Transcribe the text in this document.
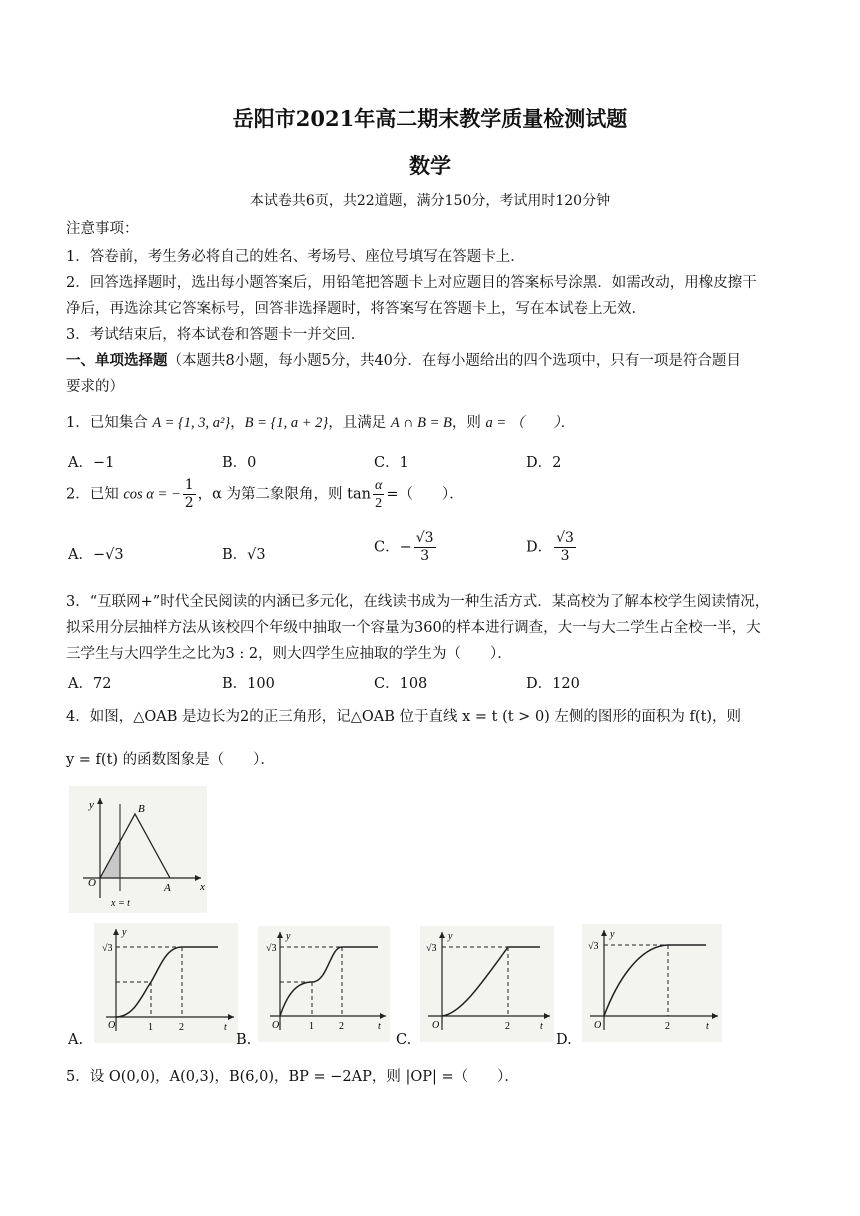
岳阳市2021年高二期末教学质量检测试题
数学
本试卷共6页，共22道题，满分150分，考试用时120分钟
注意事项：
1．答卷前，考生务必将自己的姓名、考场号、座位号填写在答题卡上．
2．回答选择题时，选出每小题答案后，用铅笔把答题卡上对应题目的答案标号涂黑．如需改动，用橡皮擦干
净后，再选涂其它答案标号，回答非选择题时，将答案写在答题卡上，写在本试卷上无效．
3．考试结束后，将本试卷和答题卡一并交回．
一、单项选择题（本题共8小题，每小题5分，共40分．在每小题给出的四个选项中，只有一项是符合题目
要求的）
1．已知集合 A = {1, 3, a²}，B = {1, a + 2}，且满足 A ∩ B = B，则 a = （　　）．
A．−1	B．0	C．1	D．2
2．已知 cos α = − $\frac{1}{2}$ ，α 为第二象限角，则 $\tan \frac{\alpha}{2}$ =（　　）．
A．−√3	B．√3	C．− $\frac{√3}{3}$	D． $\frac{√3}{3}$
3．“互联网+”时代全民阅读的内涵已多元化，在线读书成为一种生活方式．某高校为了解本校学生阅读情况，
拟采用分层抽样方法从该校四个年级中抽取一个容量为360的样本进行调查，大一与大二学生占全校一半，大
三学生与大四学生之比为3 : 2，则大四学生应抽取的学生为（　　）．
A．72	B．100	C．108	D．120
4．如图，△OAB 是边长为2的正三角形，记△OAB 位于直线 x = t (t > 0) 左侧的图形的面积为 f(t)，则
y = f(t) 的函数图象是（　　）．
y	B
O	A	x
x = t
A.
√3
y
O	1	2	t
B.
√3
y
O	1	2	t
C.
√3
y
O	2	t
D.
√3
y
O	2	t
5．设 O(0,0)，A(0,3)，B(6,0)，BP = −2AP，则 |OP| =（　　）．
